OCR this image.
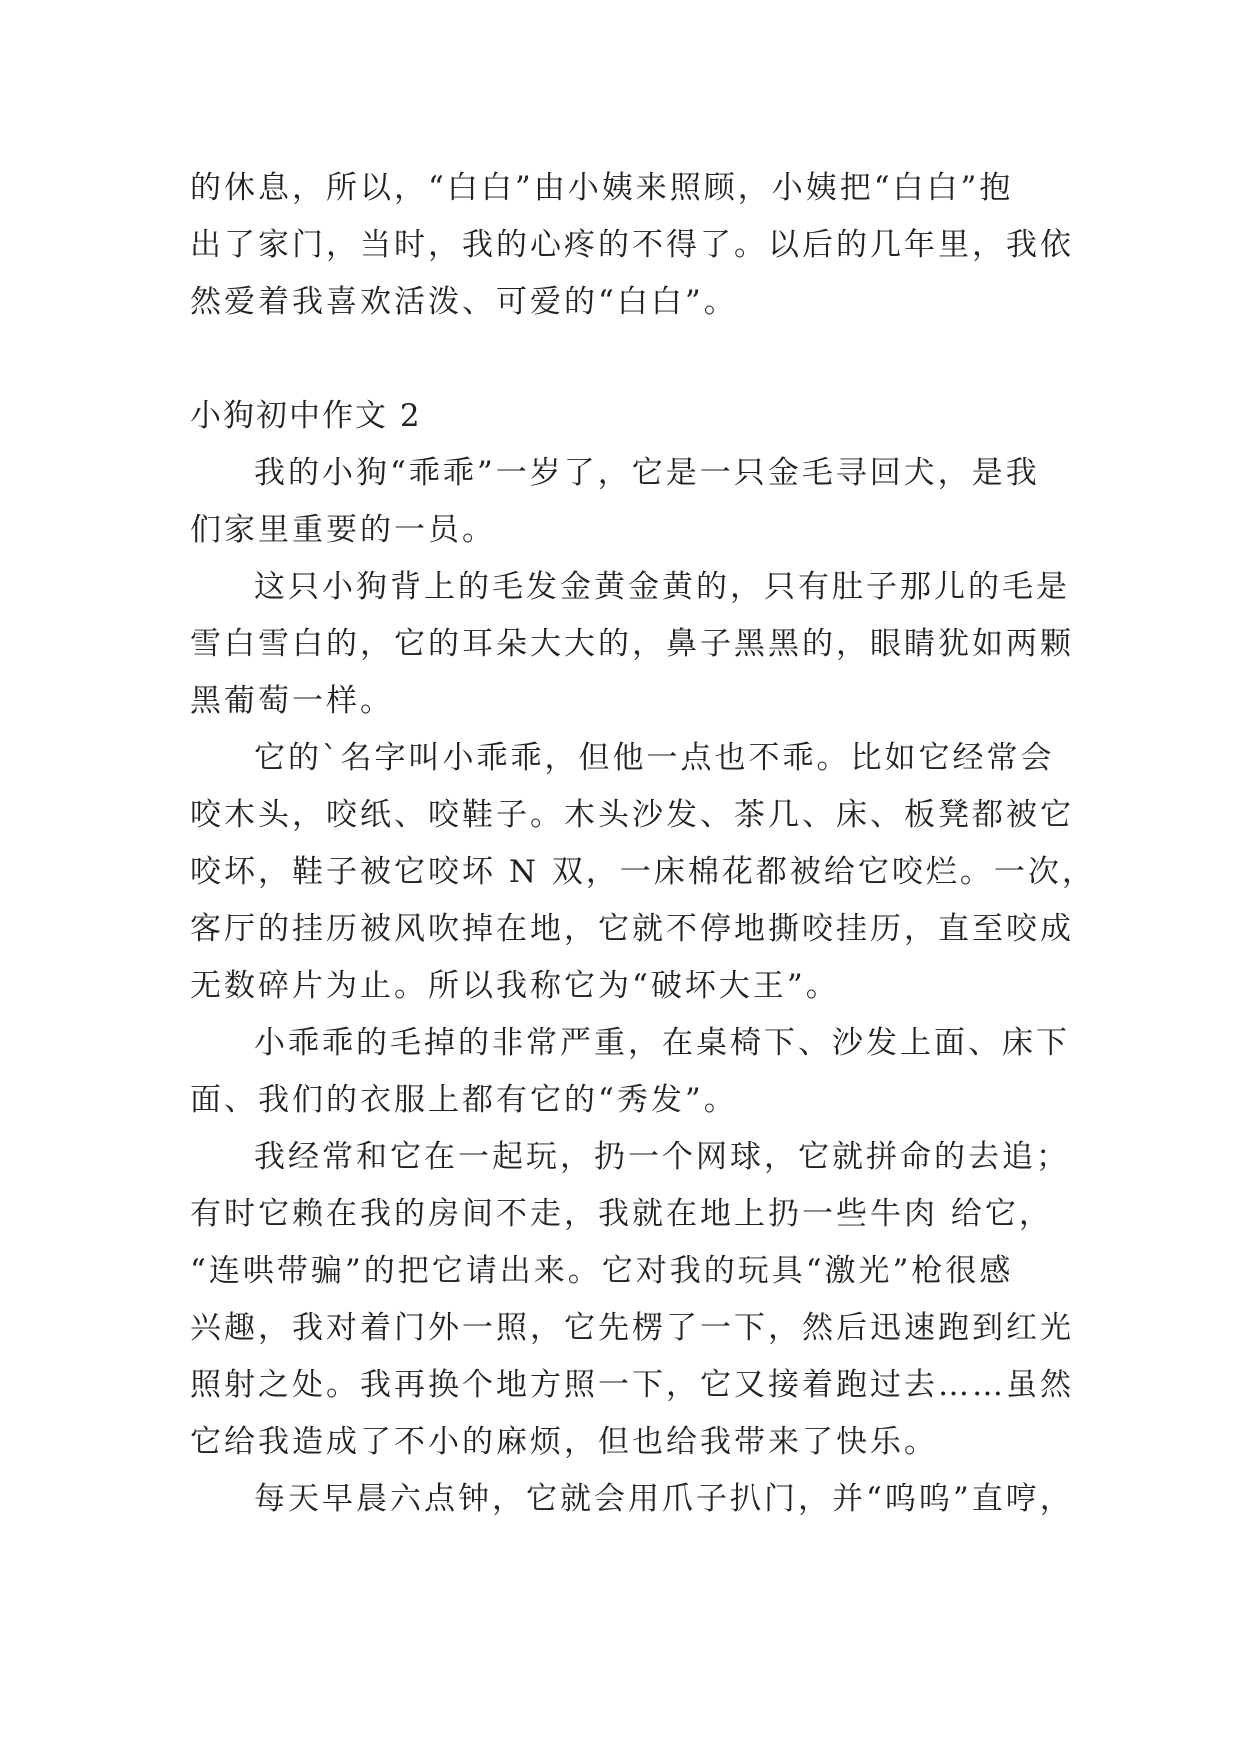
的休息，所以，“白白”由小姨来照顾，小姨把“白白”抱
出了家门，当时，我的心疼的不得了。以后的几年里，我依
然爱着我喜欢活泼、可爱的“白白”。
小狗初中作文 2
我的小狗“乖乖”一岁了，它是一只金毛寻回犬，是我
们家里重要的一员。
这只小狗背上的毛发金黄金黄的，只有肚子那儿的毛是
雪白雪白的，它的耳朵大大的，鼻子黑黑的，眼睛犹如两颗
黑葡萄一样。
它的`名字叫小乖乖，但他一点也不乖。比如它经常会
咬木头，咬纸、咬鞋子。木头沙发、茶几、床、板凳都被它
咬坏，鞋子被它咬坏 N 双，一床棉花都被给它咬烂。一次，
客厅的挂历被风吹掉在地，它就不停地撕咬挂历，直至咬成
无数碎片为止。所以我称它为“破坏大王”。
小乖乖的毛掉的非常严重，在桌椅下、沙发上面、床下
面、我们的衣服上都有它的“秀发”。
我经常和它在一起玩，扔一个网球，它就拼命的去追；
有时它赖在我的房间不走，我就在地上扔一些牛肉 给它，
“连哄带骗”的把它请出来。它对我的玩具“激光”枪很感
兴趣，我对着门外一照，它先楞了一下，然后迅速跑到红光
照射之处。我再换个地方照一下，它又接着跑过去……虽然
它给我造成了不小的麻烦，但也给我带来了快乐。
每天早晨六点钟，它就会用爪子扒门，并“呜呜”直哼，
